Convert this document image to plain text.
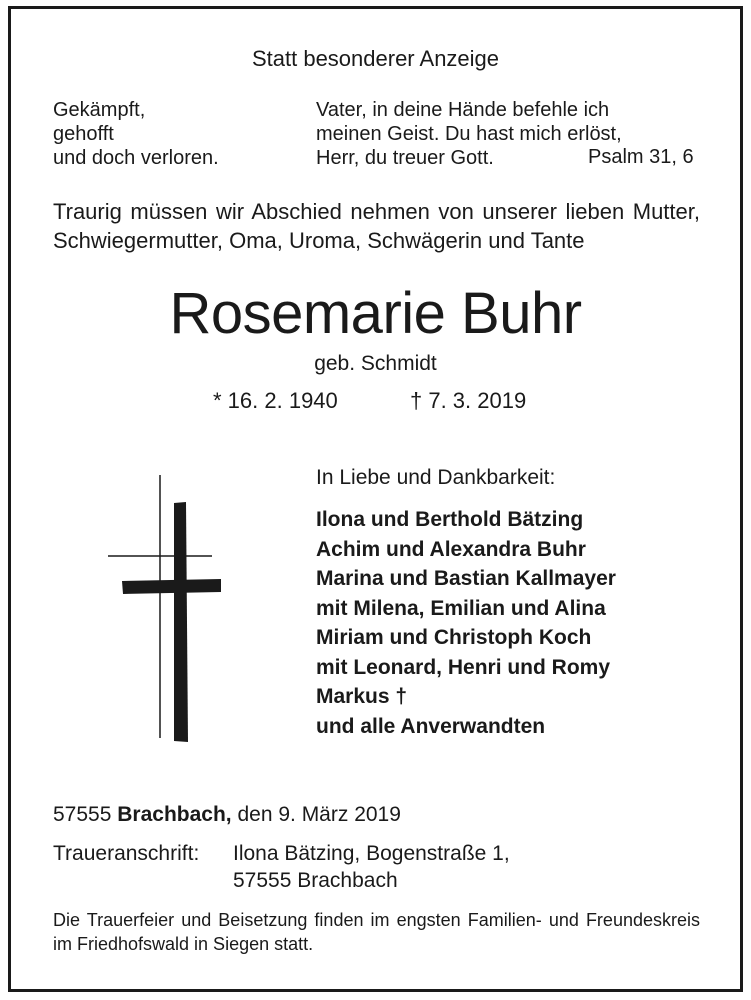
Statt besonderer Anzeige
Gekämpft,
gehofft
und doch verloren.
Vater, in deine Hände befehle ich
meinen Geist. Du hast mich erlöst,
Herr, du treuer Gott.	Psalm 31, 6
Traurig müssen wir Abschied nehmen von unserer lieben Mutter, Schwiegermutter, Oma, Uroma, Schwägerin und Tante
Rosemarie Buhr
geb. Schmidt
* 16. 2. 1940	† 7. 3. 2019
In Liebe und Dankbarkeit:
Ilona und Berthold Bätzing
Achim und Alexandra Buhr
Marina und Bastian Kallmayer
mit Milena, Emilian und Alina
Miriam und Christoph Koch
mit Leonard, Henri und Romy
Markus †
und alle Anverwandten
57555 Brachbach, den 9. März 2019
Traueranschrift: Ilona Bätzing, Bogenstraße 1,
57555 Brachbach
Die Trauerfeier und Beisetzung finden im engsten Familien- und Freundeskreis im Friedhofswald in Siegen statt.
